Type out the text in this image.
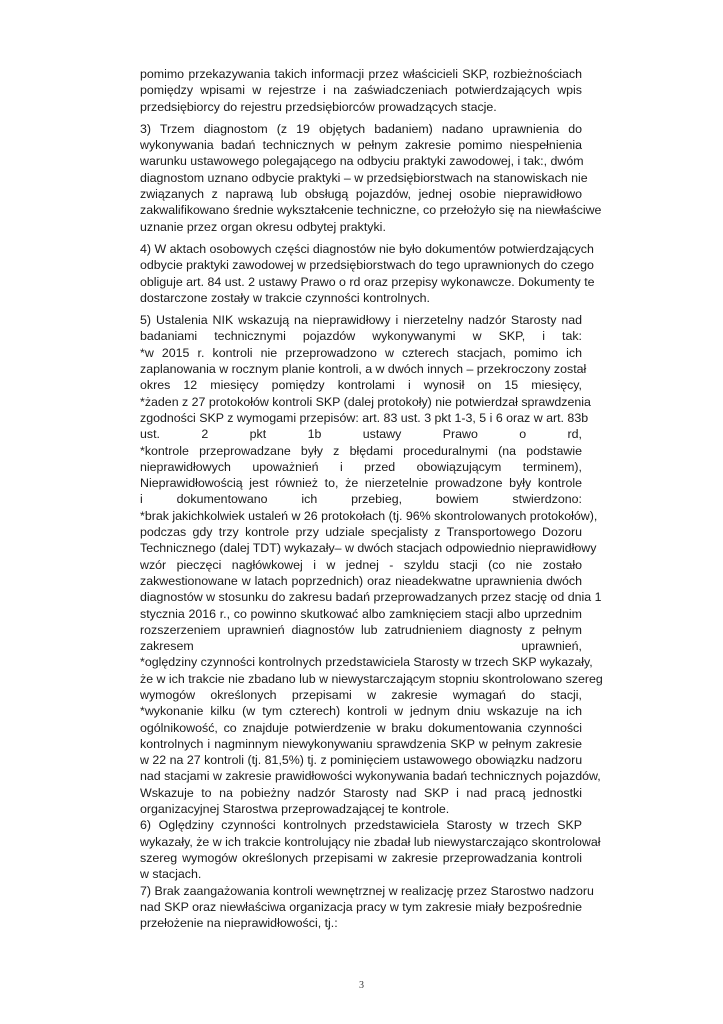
pomimo przekazywania takich informacji przez właścicieli SKP, rozbieżnościach
pomiędzy wpisami w rejestrze i na zaświadczeniach potwierdzających wpis
przedsiębiorcy do rejestru przedsiębiorców prowadzących stacje.
3) Trzem diagnostom (z 19 objętych badaniem) nadano uprawnienia do
wykonywania badań technicznych w pełnym zakresie pomimo niespełnienia
warunku ustawowego polegającego na odbyciu praktyki zawodowej, i tak:, dwóm
diagnostom uznano odbycie praktyki – w przedsiębiorstwach na stanowiskach nie
związanych z naprawą lub obsługą pojazdów, jednej osobie nieprawidłowo
zakwalifikowano średnie wykształcenie techniczne, co przełożyło się na niewłaściwe
uznanie przez organ okresu odbytej praktyki.
4) W aktach osobowych części diagnostów nie było dokumentów potwierdzających
odbycie praktyki zawodowej w przedsiębiorstwach do tego uprawnionych do czego
obliguje art. 84 ust. 2 ustawy Prawo o rd oraz przepisy wykonawcze. Dokumenty te
dostarczone zostały w trakcie czynności kontrolnych.
5) Ustalenia NIK wskazują na nieprawidłowy i nierzetelny nadzór Starosty nad
badaniami technicznymi pojazdów wykonywanymi w SKP, i tak:
*w 2015 r. kontroli nie przeprowadzono w czterech stacjach, pomimo ich
zaplanowania w rocznym planie kontroli, a w dwóch innych – przekroczony został
okres 12 miesięcy pomiędzy kontrolami i wynosił on 15 miesięcy,
*żaden z 27 protokołów kontroli SKP (dalej protokoły) nie potwierdzał sprawdzenia
zgodności SKP z wymogami przepisów: art. 83 ust. 3 pkt 1-3, 5 i 6 oraz w art. 83b
ust. 2 pkt 1b ustawy Prawo o rd,
*kontrole przeprowadzane były z błędami proceduralnymi (na podstawie
nieprawidłowych upoważnień i przed obowiązującym terminem),
Nieprawidłowością jest również to, że nierzetelnie prowadzone były kontrole
i dokumentowano ich przebieg, bowiem stwierdzono:
*brak jakichkolwiek ustaleń w 26 protokołach (tj. 96% skontrolowanych protokołów),
podczas gdy trzy kontrole przy udziale specjalisty z Transportowego Dozoru
Technicznego (dalej TDT) wykazały– w dwóch stacjach odpowiednio nieprawidłowy
wzór pieczęci nagłówkowej i w jednej - szyldu stacji (co nie zostało
zakwestionowane w latach poprzednich) oraz nieadekwatne uprawnienia dwóch
diagnostów w stosunku do zakresu badań przeprowadzanych przez stację od dnia 1
stycznia 2016 r., co powinno skutkować albo zamknięciem stacji albo uprzednim
rozszerzeniem uprawnień diagnostów lub zatrudnieniem diagnosty z pełnym
zakresem uprawnień,
*oględziny czynności kontrolnych przedstawiciela Starosty w trzech SKP wykazały,
że w ich trakcie nie zbadano lub w niewystarczającym stopniu skontrolowano szereg
wymogów określonych przepisami w zakresie wymagań do stacji,
*wykonanie kilku (w tym czterech) kontroli w jednym dniu wskazuje na ich
ogólnikowość, co znajduje potwierdzenie w braku dokumentowania czynności
kontrolnych i nagminnym niewykonywaniu sprawdzenia SKP w pełnym zakresie
w 22 na 27 kontroli (tj. 81,5%) tj. z pominięciem ustawowego obowiązku nadzoru
nad stacjami w zakresie prawidłowości wykonywania badań technicznych pojazdów,
Wskazuje to na pobieżny nadzór Starosty nad SKP i nad pracą jednostki
organizacyjnej Starostwa przeprowadzającej te kontrole.
6) Oględziny czynności kontrolnych przedstawiciela Starosty w trzech SKP
wykazały, że w ich trakcie kontrolujący nie zbadał lub niewystarczająco skontrolował
szereg wymogów określonych przepisami w zakresie przeprowadzania kontroli
w stacjach.
7) Brak zaangażowania kontroli wewnętrznej w realizację przez Starostwo nadzoru
nad SKP oraz niewłaściwa organizacja pracy w tym zakresie miały bezpośrednie
przełożenie na nieprawidłowości, tj.:
3
